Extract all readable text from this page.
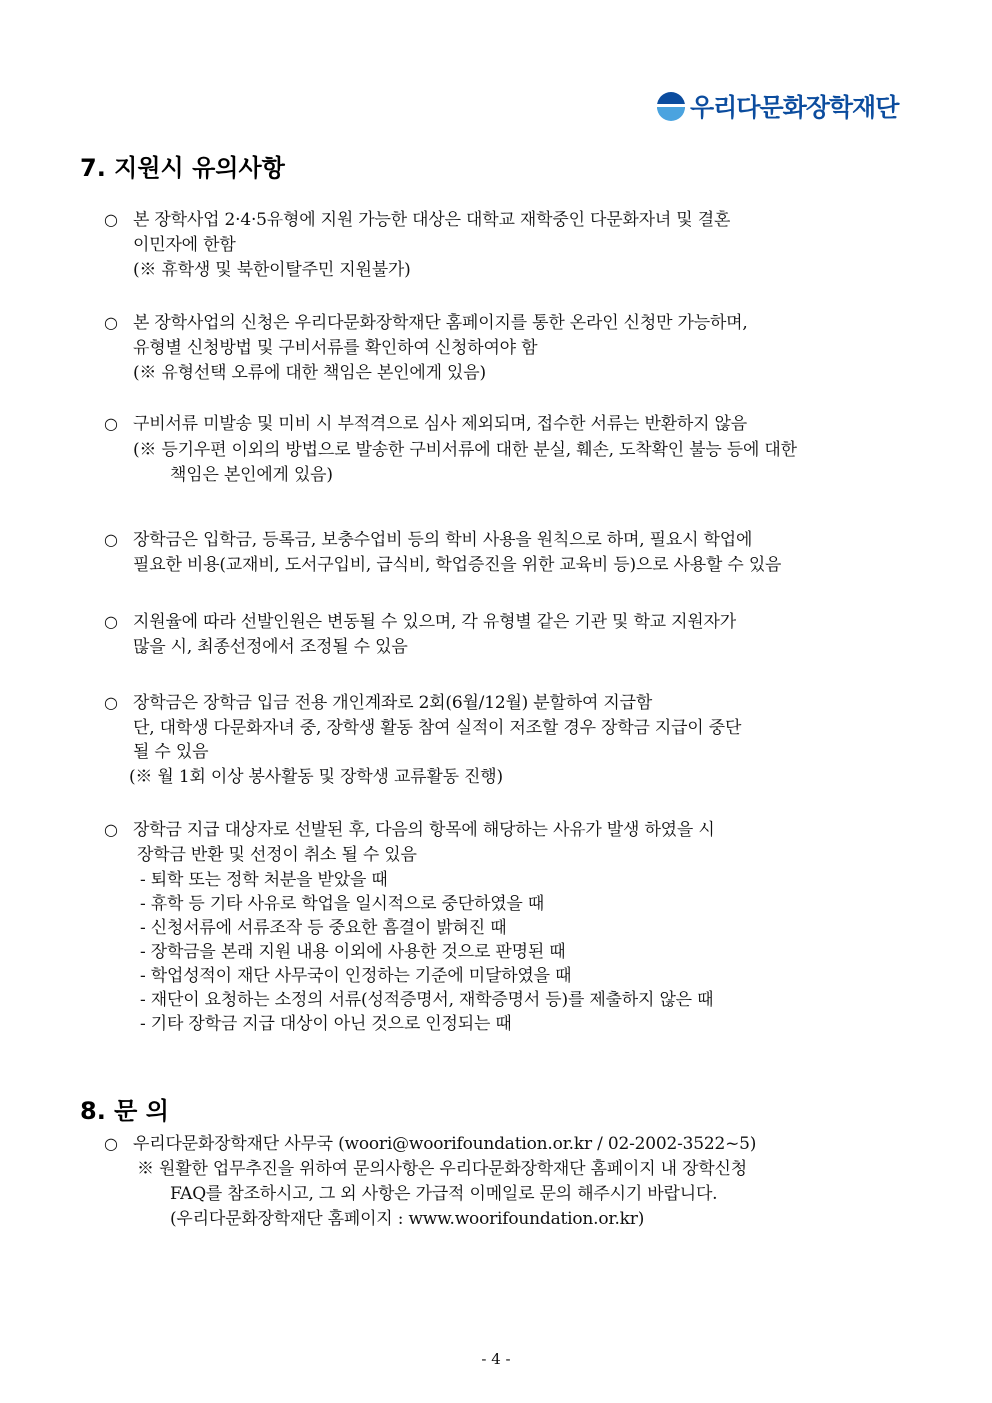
우리다문화장학재단
7. 지원시 유의사항
○ 본 장학사업 2·4·5유형에 지원 가능한 대상은 대학교 재학중인 다문화자녀 및 결혼
이민자에 한함
(※ 휴학생 및 북한이탈주민 지원불가)
○ 본 장학사업의 신청은 우리다문화장학재단 홈페이지를 통한 온라인 신청만 가능하며,
유형별 신청방법 및 구비서류를 확인하여 신청하여야 함
(※ 유형선택 오류에 대한 책임은 본인에게 있음)
○ 구비서류 미발송 및 미비 시 부적격으로 심사 제외되며, 접수한 서류는 반환하지 않음
(※ 등기우편 이외의 방법으로 발송한 구비서류에 대한 분실, 훼손, 도착확인 불능 등에 대한
책임은 본인에게 있음)
○ 장학금은 입학금, 등록금, 보충수업비 등의 학비 사용을 원칙으로 하며, 필요시 학업에
필요한 비용(교재비, 도서구입비, 급식비, 학업증진을 위한 교육비 등)으로 사용할 수 있음
○ 지원율에 따라 선발인원은 변동될 수 있으며, 각 유형별 같은 기관 및 학교 지원자가
많을 시, 최종선정에서 조정될 수 있음
○ 장학금은 장학금 입금 전용 개인계좌로 2회(6월/12월) 분할하여 지급함
단, 대학생 다문화자녀 중, 장학생 활동 참여 실적이 저조할 경우 장학금 지급이 중단
될 수 있음
(※ 월 1회 이상 봉사활동 및 장학생 교류활동 진행)
○ 장학금 지급 대상자로 선발된 후, 다음의 항목에 해당하는 사유가 발생 하였을 시
장학금 반환 및 선정이 취소 될 수 있음
- 퇴학 또는 정학 처분을 받았을 때
- 휴학 등 기타 사유로 학업을 일시적으로 중단하였을 때
- 신청서류에 서류조작 등 중요한 흠결이 밝혀진 때
- 장학금을 본래 지원 내용 이외에 사용한 것으로 판명된 때
- 학업성적이 재단 사무국이 인정하는 기준에 미달하였을 때
- 재단이 요청하는 소정의 서류(성적증명서, 재학증명서 등)를 제출하지 않은 때
- 기타 장학금 지급 대상이 아닌 것으로 인정되는 때
8. 문 의
○ 우리다문화장학재단 사무국 (woori@woorifoundation.or.kr / 02-2002-3522~5)
※ 원활한 업무추진을 위하여 문의사항은 우리다문화장학재단 홈페이지 내 장학신청
FAQ를 참조하시고, 그 외 사항은 가급적 이메일로 문의 해주시기 바랍니다.
(우리다문화장학재단 홈페이지 : www.woorifoundation.or.kr)
- 4 -
